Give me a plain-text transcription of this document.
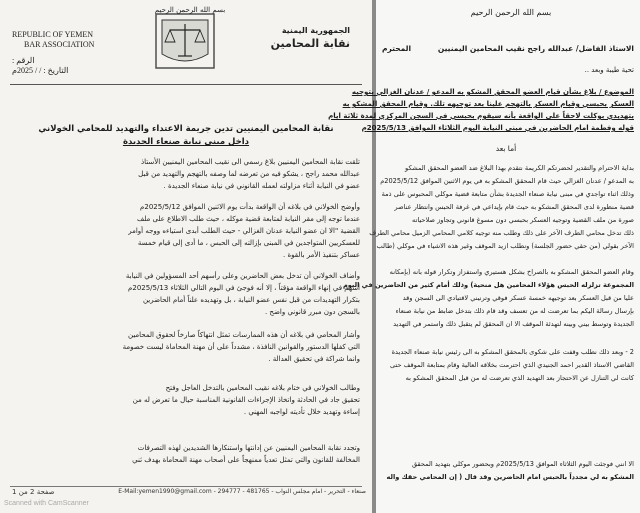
REPUBLIC OF YEMEN
BAR ASSOCIATION
الرقم :
التاريخ : / / 2025م
بسم الله الرحمن الرحيم
الجمهورية اليمنية
نقابة المحامين
نقابة المحامين اليمنيين تدين جريمة الاعتداء والتهديد للمحامي الخولاني
داخل مبنى نيابة صنعاء الجديدة
تلقت نقابة المحامين اليمنيين بلاغ رسمي الى نقيب المحامين اليمنيين الأستاذ
عبدالله محمد راجح ، يشكو فيه من تعرضه لما وصفه بالتهجم والتهديد من قبل
عضو في النيابة أثناء مزاولته لعمله القانوني في نيابة صنعاء الجديدة .
وأوضح الخولاني في بلاغه أن الواقعة بدأت يوم الاثنين الموافق 2025/5/12م
عندما توجه إلى مقر النيابة لمتابعة قضية موكله ، حيث طلب الاطلاع على ملف
القضية "الا ان عضو النيابة عدنان الغزالي - حيث الطلب أبدى استياءه ووجه أوامر
للعسكريين المتواجدين في المبنى بإزالته إلى الحبس ، ما أدى إلى قيام خمسة
عساكر بتنفيذ الأمر بالقوة .
وأضاف الخولاني أن تدخل بعض الحاضرين وعلى رأسهم أحد المسؤولين في النيابة
أسهم في إنهاء الواقعة مؤقتاً ، إلا أنه فوجئ في اليوم التالي الثلاثاء 2025/5/13م
بتكرار التهديدات من قبل نفس عضو النيابة ، بل وتهديده علناً أمام الحاضرين
بالسجن دون مبرر قانوني واضح .
وأشار المحامي في بلاغه أن هذه الممارسات تمثل انتهاكاً صارخاً لحقوق المحامين
التي كفلها الدستور والقوانين النافذة ، مشدداً على أن مهنة المحاماة ليست خصومة
وانما شراكة في تحقيق العدالة .
وطالب الخولاني في ختام بلاغه نقيب المحامين بالتدخل العاجل وفتح
تحقيق جاد في الحادثة واتخاذ الإجراءات القانونية المناسبة حيال ما تعرض له من
إساءة وتهديد خلال تأديته لواجبه المهني .
وتجدد نقابة المحامين اليمنيين عن إدانتها واستنكارها الشديدين لهذه التصرفات
المخالفة للقانون والتي تمثل تعدياً ممنهجاً على أصحاب مهنة المحاماة بهدف ثني
صفحة 2 من 1	صنعاء - التحرير - امام مجلس النواب - E-Mail:yemen1990@gmail.com - 294777 - 481765
Scanned with CamScanner
بسم الله الرحمن الرحيم
الاستاذ الفاضل/ عبدالله راجح نقيب المحامين اليمنيين
المحترم
تحية طيبة وبعد ..
الموضوع / بلاغ بشأن قيام العضو المحقق المشكو به المدعو / عدنان الغزالي بتوجيه
العسكر بحبسي وقيام العسكر بالتهجم علينا بعد توجيهه تلك. وقيام المحقق المشكو به
بتهديدي بوكلت لاحقاً على الواقعة بأنه سيقوم بحبسي في السجن المركزي لمدة ثلاثة ايام
قوله وفطمة امام الحاضرين في مبنى النيابة اليوم الثلاثاء الموافق 2025/5/13م
أما بعد
بداية الاحترام والتقدير لحضرتكم الكريمة نتقدم بهذا البلاغ ضد العضو المحقق المشكو
به المدعو / عدنان الغزالي حيث قام المحقق المشكو به في يوم الاثنين الموافق 2025/5/12م
وذلك اثناء تواجدي في مبنى نيابة صنعاء الجديدة بشأن متابعة قضية موكلي المحبوس على ذمة
قضية منظورة لدى المحقق المشكو به حيث قام بإيداعي في غرفة الحبس وانتظار عناصر
صورة من ملف القضية وتوجيه العسكر بحبسي دون مسوغ قانوني وتجاوز صلاحياته
ذلك تدخل محامي الطرف الآخر على ذلك وطلب منه توجيه كلامي المحامي الزميل محامي الطرف
الآخر بقولي (من حقي حضور الجلسة) ونطلب ازيد الموقف وغير هذه الاشياء في موكلي (طالب
وقام العضو المحقق المشكو به بالصراخ بشكل هستيري واستفزاز وتكرار قوله بانه (بإمكانه
المجموعة تزلزله الحبس هؤلاء المحامين هل منحية) وذلك أمام كثير من الحاضرين في اليوم
عليا من قبل العسكر بعد توجيهه خمسة عسكر فوقي وترنيني لاقتيادي الى السجن وقد
بإرسال رسالة اليكم بما تعرضت له من تعسف وقد قام ذلك بتدخل ضابط من نيابة صنعاء
الجديدة وتوسط بيني وبينه لتهدئة الموقف الا ان المحقق لم يتقبل ذلك واستمر في التهديد
2 - وبعد ذلك نطلب وقفت على شكوى بالمحقق المشكو به الى رئيس نيابة صنعاء الجديدة
القاضي الاستاذ القدير احمد الجنيدي الذي احترمت بخلاقه العالية وقام بمتابعة الموقف حتى
كانت لي التنازل عن الاحتجاز بعد التهديد الذي تعرضت له من قبل المحقق المشكو به
الا انني فوجئت اليوم الثلاثاء الموافق 2025/5/13م وبحضور موكلي بتهديد المحقق
المشكو به لي مجدداً بالحبس امام الحاضرين وقد قال ( إن المحامي حقك واله
